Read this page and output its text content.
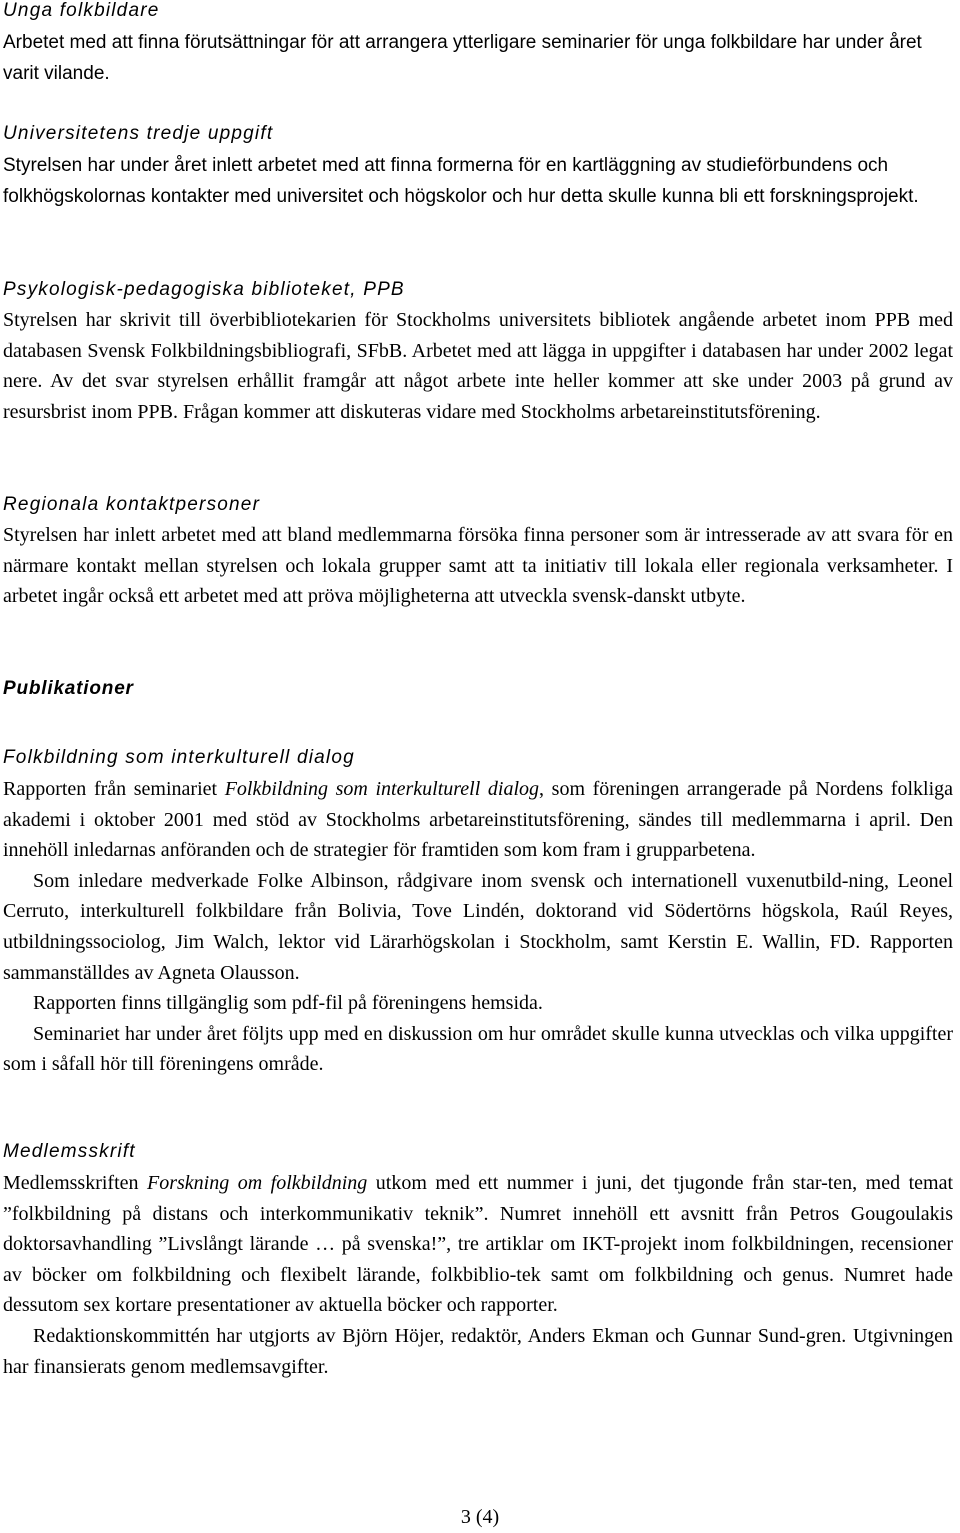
Unga folkbildare
Arbetet med att finna förutsättningar för att arrangera ytterligare seminarier för unga folkbildare har under året varit vilande.
Universitetens tredje uppgift
Styrelsen har under året inlett arbetet med att finna formerna för en kartläggning av studieförbundens och folkhögskolornas kontakter med universitet och högskolor och hur detta skulle kunna bli ett forskningsprojekt.
Psykologisk-pedagogiska biblioteket, PPB
Styrelsen har skrivit till överbibliotekarien för Stockholms universitets bibliotek angående arbetet inom PPB med databasen Svensk Folkbildningsbibliografi, SFbB. Arbetet med att lägga in uppgifter i databasen har under 2002 legat nere. Av det svar styrelsen erhållit framgår att något arbete inte heller kommer att ske under 2003 på grund av resursbrist inom PPB. Frågan kommer att diskuteras vidare med Stockholms arbetareinstitutsförening.
Regionala kontaktpersoner
Styrelsen har inlett arbetet med att bland medlemmarna försöka finna personer som är intresserade av att svara för en närmare kontakt mellan styrelsen och lokala grupper samt att ta initiativ till lokala eller regionala verksamheter. I arbetet ingår också ett arbetet med att pröva möjligheterna att utveckla svensk-danskt utbyte.
Publikationer
Folkbildning som interkulturell dialog

Rapporten från seminariet Folkbildning som interkulturell dialog, som föreningen arrangerade på Nordens folkliga akademi i oktober 2001 med stöd av Stockholms arbetareinstitutsförening, sändes till medlemmarna i april. Den innehöll inledarnas anföranden och de strategier för framtiden som kom fram i grupparbetena.

Som inledare medverkade Folke Albinson, rådgivare inom svensk och internationell vuxenutbild-ning, Leonel Cerruto, interkulturell folkbildare från Bolivia, Tove Lindén, doktorand vid Södertörns högskola, Raúl Reyes, utbildningssociolog, Jim Walch, lektor vid Lärarhögskolan i Stockholm, samt Kerstin E. Wallin, FD. Rapporten sammanställdes av Agneta Olausson.

Rapporten finns tillgänglig som pdf-fil på föreningens hemsida.

Seminariet har under året följts upp med en diskussion om hur området skulle kunna utvecklas och vilka uppgifter som i såfall hör till föreningens område.

Medlemsskrift

Medlemsskriften Forskning om folkbildning utkom med ett nummer i juni, det tjugonde från star-ten, med temat ”folkbildning på distans och interkommunikativ teknik”. Numret innehöll ett avsnitt från Petros Gougoulakis doktorsavhandling ”Livslångt lärande … på svenska!”, tre artiklar om IKT-projekt inom folkbildningen, recensioner av böcker om folkbildning och flexibelt lärande, folkbiblio-tek samt om folkbildning och genus. Numret hade dessutom sex kortare presentationer av aktuella böcker och rapporter.

Redaktionskommittén har utgjorts av Björn Höjer, redaktör, Anders Ekman och Gunnar Sund-gren. Utgivningen har finansierats genom medlemsavgifter.

3 (4)
